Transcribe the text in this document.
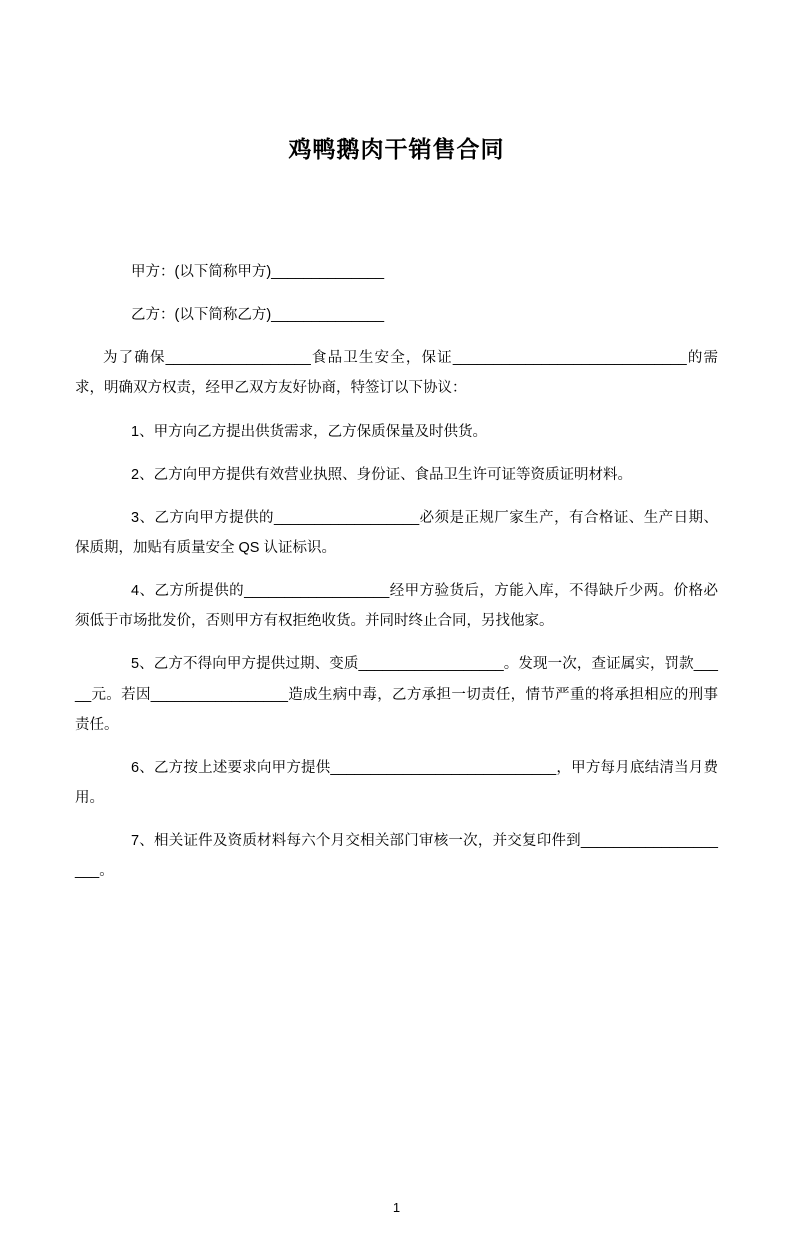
鸡鸭鹅肉干销售合同

甲方：(以下简称甲方)______________

乙方：(以下简称乙方)______________

为了确保__________________食品卫生安全，保证_____________________________的需求，明确双方权责，经甲乙双方友好协商，特签订以下协议：

1、甲方向乙方提出供货需求，乙方保质保量及时供货。

2、乙方向甲方提供有效营业执照、身份证、食品卫生许可证等资质证明材料。

3、乙方向甲方提供的__________________必须是正规厂家生产，有合格证、生产日期、保质期，加贴有质量安全 QS 认证标识。

4、乙方所提供的__________________经甲方验货后，方能入库，不得缺斤少两。价格必须低于市场批发价，否则甲方有权拒绝收货。并同时终止合同，另找他家。

5、乙方不得向甲方提供过期、变质__________________。发现一次，查证属实，罚款_____元。若因_________________造成生病中毒，乙方承担一切责任，情节严重的将承担相应的刑事责任。

6、乙方按上述要求向甲方提供____________________________，甲方每月底结清当月费用。

7、相关证件及资质材料每六个月交相关部门审核一次，并交复印件到____________________。

1
